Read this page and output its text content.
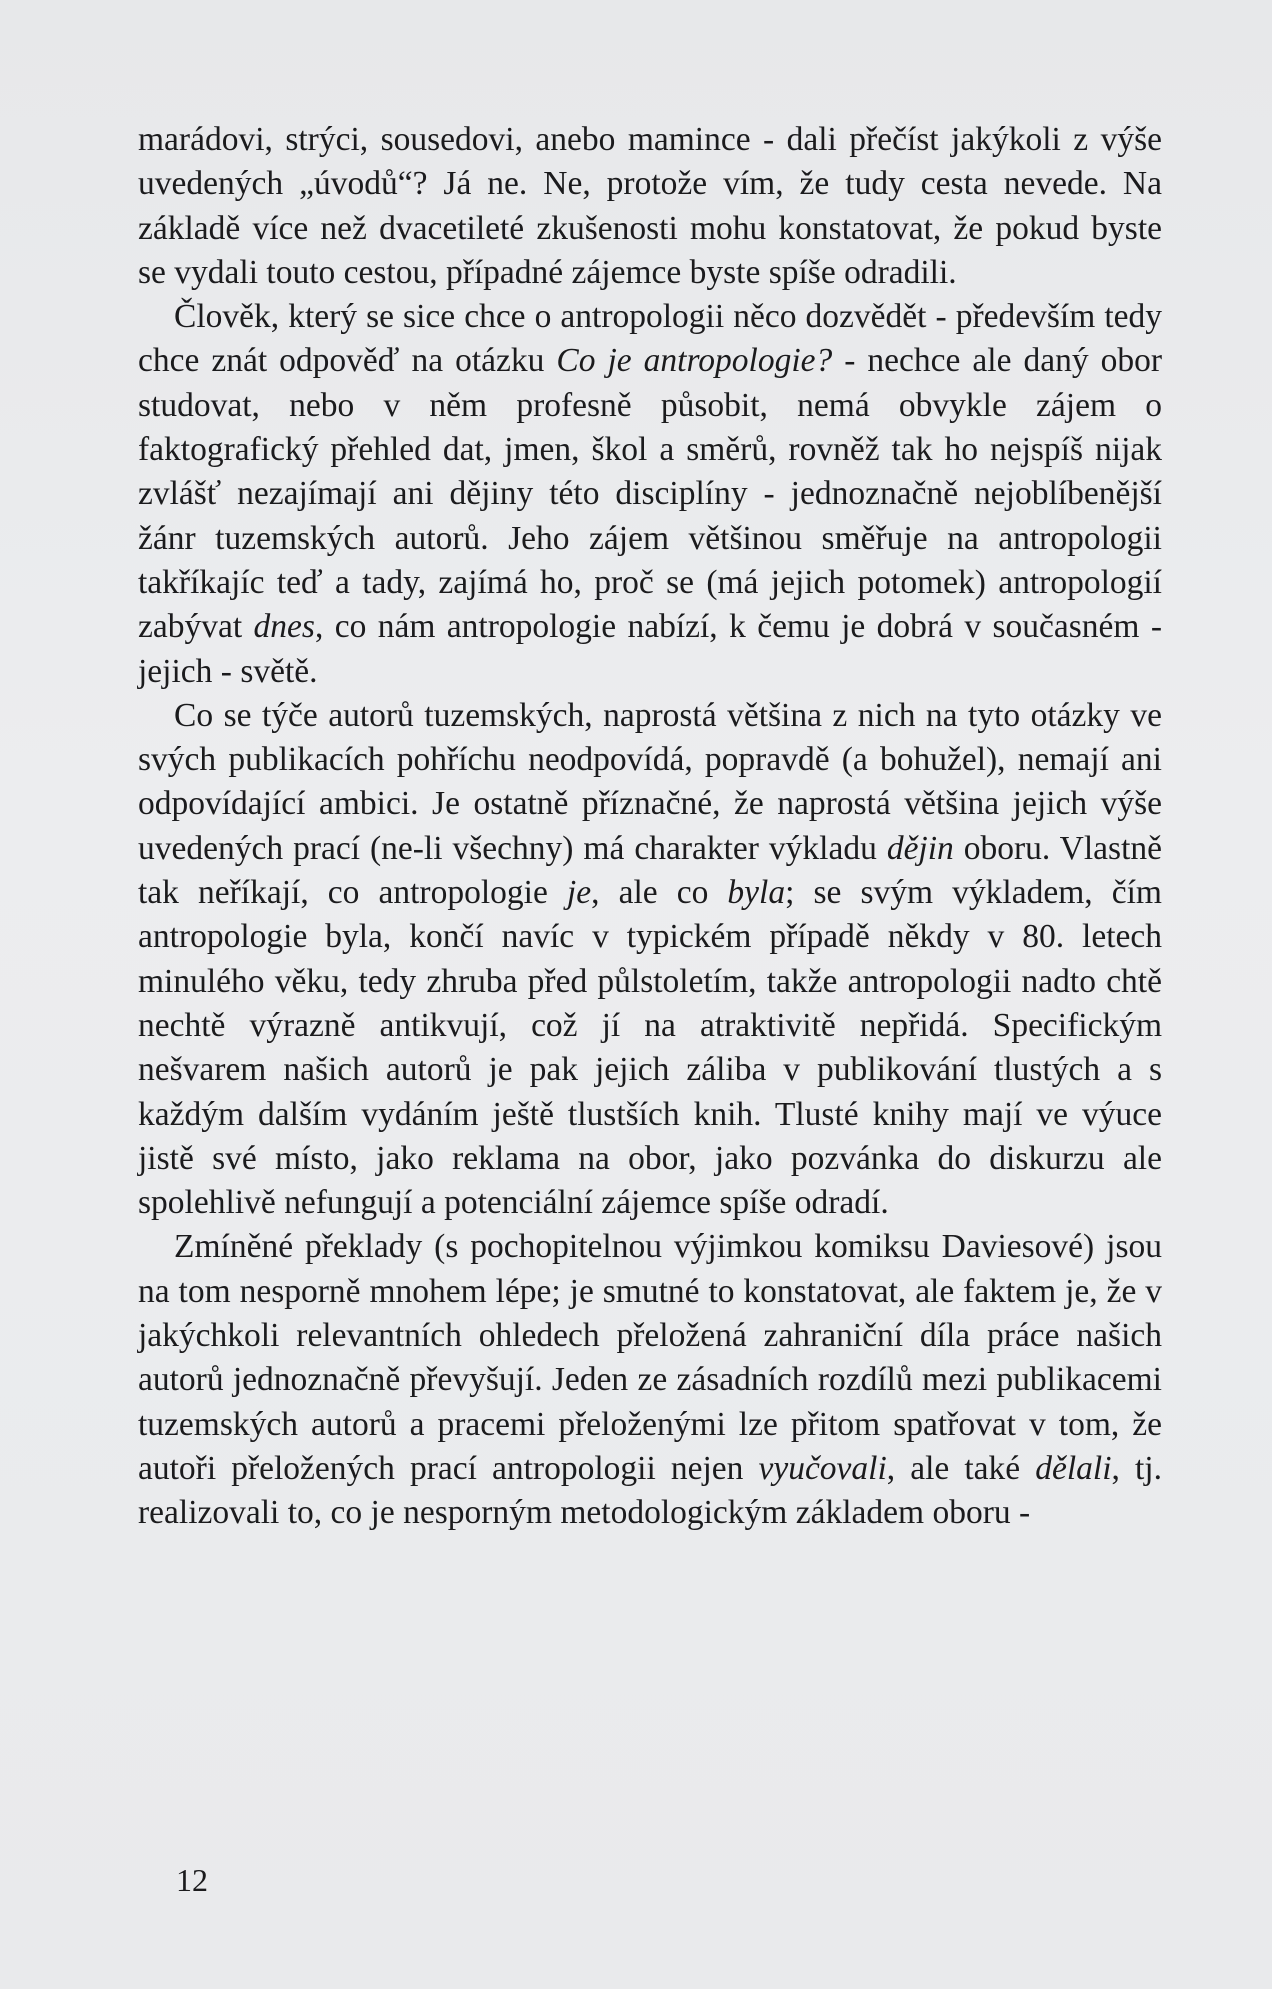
marádovi, strýci, sousedovi, anebo mamince - dali přečíst jakýkoli z výše uvedených „úvodů“? Já ne. Ne, protože vím, že tudy cesta nevede. Na základě více než dvacetileté zkušenosti mohu konstatovat, že pokud byste se vydali touto cestou, případné zájemce byste spíše odradili.

Člověk, který se sice chce o antropologii něco dozvědět - především tedy chce znát odpověď na otázku Co je antropologie? - nechce ale daný obor studovat, nebo v něm profesně působit, nemá obvykle zájem o faktografický přehled dat, jmen, škol a směrů, rovněž tak ho nejspíš nijak zvlášť nezajímají ani dějiny této disciplíny - jednoznačně nejoblíbenější žánr tuzemských autorů. Jeho zájem většinou směřuje na antropologii takříkajíc teď a tady, zajímá ho, proč se (má jejich potomek) antropologií zabývat dnes, co nám antropologie nabízí, k čemu je dobrá v současném - jejich - světě.

Co se týče autorů tuzemských, naprostá většina z nich na tyto otázky ve svých publikacích pohříchu neodpovídá, popravdě (a bohužel), nemají ani odpovídající ambici. Je ostatně příznačné, že naprostá většina jejich výše uvedených prací (ne-li všechny) má charakter výkladu dějin oboru. Vlastně tak neříkají, co antropologie je, ale co byla; se svým výkladem, čím antropologie byla, končí navíc v typickém případě někdy v 80. letech minulého věku, tedy zhruba před půlstoletím, takže antropologii nadto chtě nechtě výrazně antikvují, což jí na atraktivitě nepřidá. Specifickým nešvarem našich autorů je pak jejich záliba v publikování tlustých a s každým dalším vydáním ještě tlustších knih. Tlusté knihy mají ve výuce jistě své místo, jako reklama na obor, jako pozvánka do diskurzu ale spolehlivě nefungují a potenciální zájemce spíše odradí.

Zmíněné překlady (s pochopitelnou výjimkou komiksu Daviesové) jsou na tom nesporně mnohem lépe; je smutné to konstatovat, ale faktem je, že v jakýchkoli relevantních ohledech přeložená zahraniční díla práce našich autorů jednoznačně převyšují. Jeden ze zásadních rozdílů mezi publikacemi tuzemských autorů a pracemi přeloženými lze přitom spatřovat v tom, že autoři přeložených prací antropologii nejen vyučovali, ale také dělali, tj. realizovali to, co je nesporným metodologickým základem oboru -

12
